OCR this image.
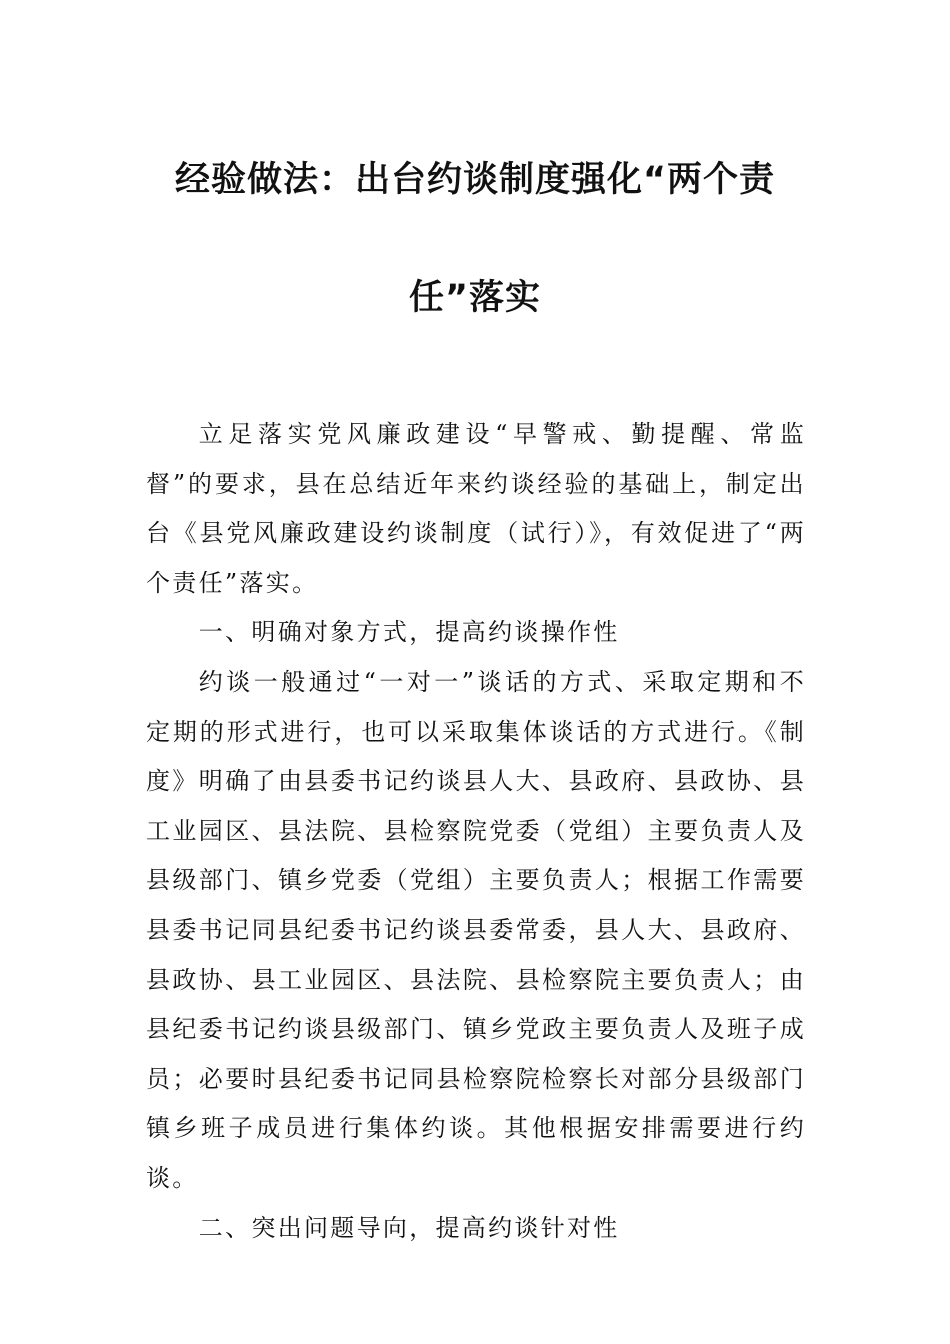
经验做法：出台约谈制度强化“两个责
任”落实

立足落实党风廉政建设“早警戒、勤提醒、常监督”的要求，县在总结近年来约谈经验的基础上，制定出台《县党风廉政建设约谈制度（试行）》，有效促进了“两个责任”落实。

一、明确对象方式，提高约谈操作性

约谈一般通过“一对一”谈话的方式、采取定期和不定期的形式进行，也可以采取集体谈话的方式进行。《制度》明确了由县委书记约谈县人大、县政府、县政协、县工业园区、县法院、县检察院党委（党组）主要负责人及县级部门、镇乡党委（党组）主要负责人；根据工作需要县委书记同县纪委书记约谈县委常委，县人大、县政府、县政协、县工业园区、县法院、县检察院主要负责人；由县纪委书记约谈县级部门、镇乡党政主要负责人及班子成员；必要时县纪委书记同县检察院检察长对部分县级部门镇乡班子成员进行集体约谈。其他根据安排需要进行约谈。

二、突出问题导向，提高约谈针对性
